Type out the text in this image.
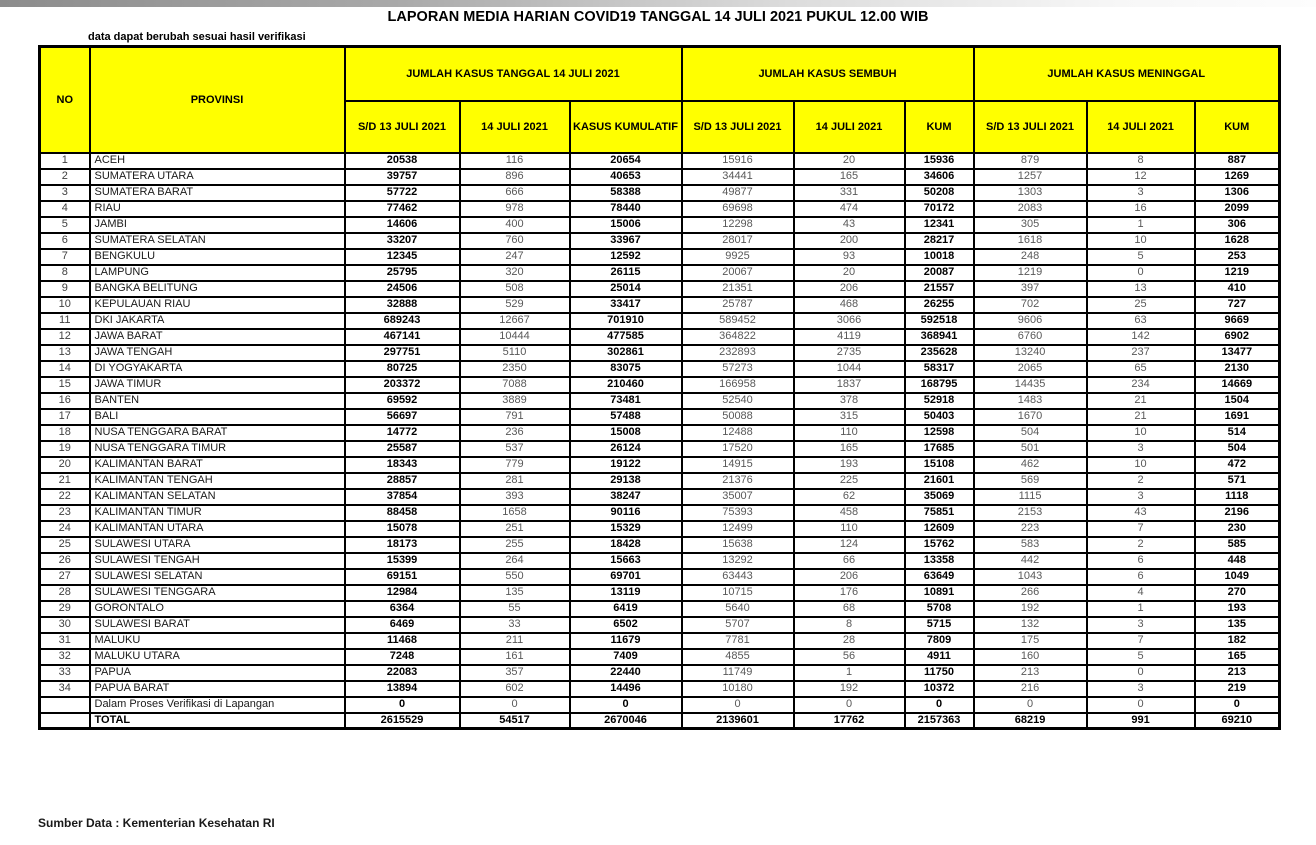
LAPORAN MEDIA HARIAN COVID19 TANGGAL 14 JULI 2021 PUKUL 12.00 WIB
data dapat berubah sesuai hasil verifikasi
NO	PROVINSI	JUMLAH KASUS TANGGAL 14 JULI 2021			JUMLAH KASUS SEMBUH			JUMLAH KASUS MENINGGAL		
		S/D 13 JULI 2021	14 JULI 2021	KASUS KUMULATIF	S/D 13 JULI 2021	14 JULI 2021	KUM	S/D 13 JULI 2021	14 JULI 2021	KUM
1	ACEH	20538	116	20654	15916	20	15936	879	8	887
2	SUMATERA UTARA	39757	896	40653	34441	165	34606	1257	12	1269
3	SUMATERA BARAT	57722	666	58388	49877	331	50208	1303	3	1306
4	RIAU	77462	978	78440	69698	474	70172	2083	16	2099
5	JAMBI	14606	400	15006	12298	43	12341	305	1	306
6	SUMATERA SELATAN	33207	760	33967	28017	200	28217	1618	10	1628
7	BENGKULU	12345	247	12592	9925	93	10018	248	5	253
8	LAMPUNG	25795	320	26115	20067	20	20087	1219	0	1219
9	BANGKA BELITUNG	24506	508	25014	21351	206	21557	397	13	410
10	KEPULAUAN RIAU	32888	529	33417	25787	468	26255	702	25	727
11	DKI JAKARTA	689243	12667	701910	589452	3066	592518	9606	63	9669
12	JAWA BARAT	467141	10444	477585	364822	4119	368941	6760	142	6902
13	JAWA TENGAH	297751	5110	302861	232893	2735	235628	13240	237	13477
14	DI YOGYAKARTA	80725	2350	83075	57273	1044	58317	2065	65	2130
15	JAWA TIMUR	203372	7088	210460	166958	1837	168795	14435	234	14669
16	BANTEN	69592	3889	73481	52540	378	52918	1483	21	1504
17	BALI	56697	791	57488	50088	315	50403	1670	21	1691
18	NUSA TENGGARA BARAT	14772	236	15008	12488	110	12598	504	10	514
19	NUSA TENGGARA TIMUR	25587	537	26124	17520	165	17685	501	3	504
20	KALIMANTAN BARAT	18343	779	19122	14915	193	15108	462	10	472
21	KALIMANTAN TENGAH	28857	281	29138	21376	225	21601	569	2	571
22	KALIMANTAN SELATAN	37854	393	38247	35007	62	35069	1115	3	1118
23	KALIMANTAN TIMUR	88458	1658	90116	75393	458	75851	2153	43	2196
24	KALIMANTAN UTARA	15078	251	15329	12499	110	12609	223	7	230
25	SULAWESI UTARA	18173	255	18428	15638	124	15762	583	2	585
26	SULAWESI TENGAH	15399	264	15663	13292	66	13358	442	6	448
27	SULAWESI SELATAN	69151	550	69701	63443	206	63649	1043	6	1049
28	SULAWESI TENGGARA	12984	135	13119	10715	176	10891	266	4	270
29	GORONTALO	6364	55	6419	5640	68	5708	192	1	193
30	SULAWESI BARAT	6469	33	6502	5707	8	5715	132	3	135
31	MALUKU	11468	211	11679	7781	28	7809	175	7	182
32	MALUKU UTARA	7248	161	7409	4855	56	4911	160	5	165
33	PAPUA	22083	357	22440	11749	1	11750	213	0	213
34	PAPUA BARAT	13894	602	14496	10180	192	10372	216	3	219
	Dalam Proses Verifikasi di Lapangan	0	0	0	0	0	0	0	0	0
	TOTAL	2615529	54517	2670046	2139601	17762	2157363	68219	991	69210
Sumber Data : Kementerian Kesehatan RI
